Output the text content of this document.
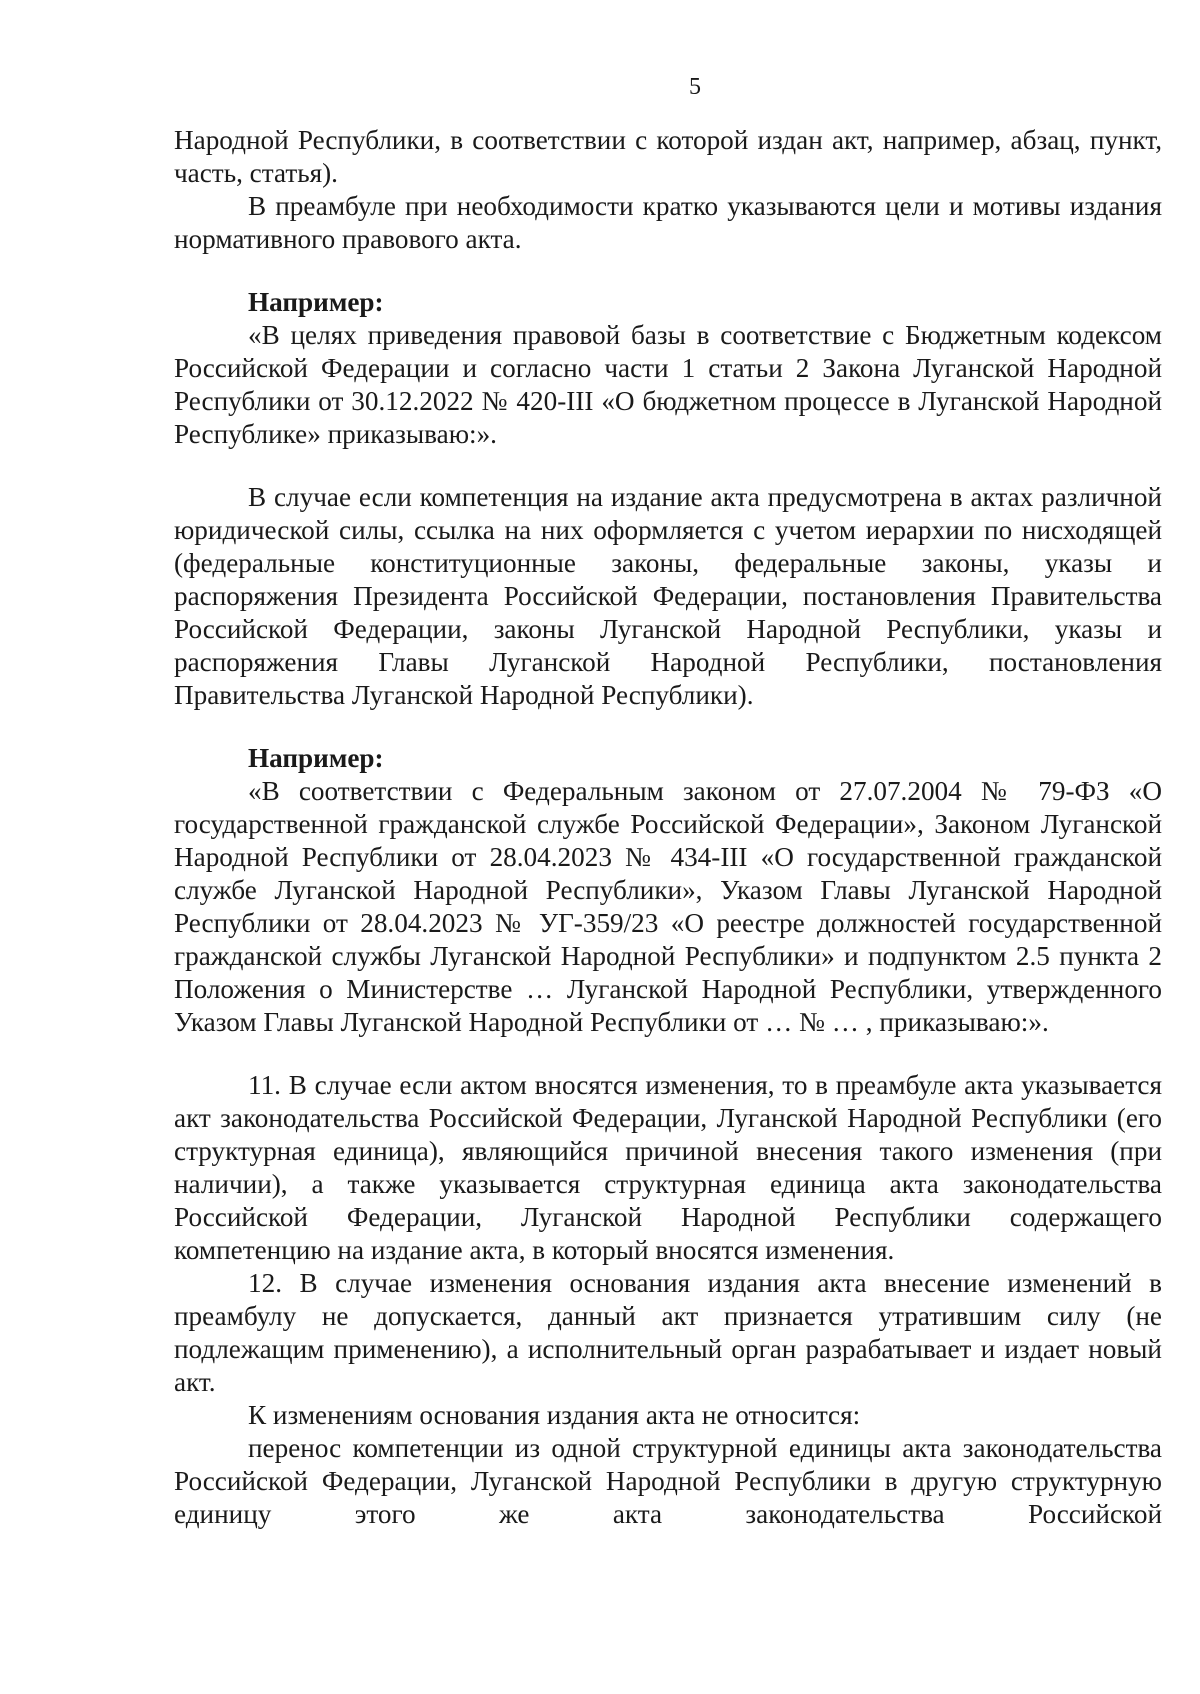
5

Народной Республики, в соответствии с которой издан акт, например, абзац, пункт, часть, статья).

В преамбуле при необходимости кратко указываются цели и мотивы издания нормативного правового акта.

Например:

«В целях приведения правовой базы в соответствие с Бюджетным кодексом Российской Федерации и согласно части 1 статьи 2 Закона Луганской Народной Республики от 30.12.2022 № 420-III «О бюджетном процессе в Луганской Народной Республике» приказываю:».

В случае если компетенция на издание акта предусмотрена в актах различной юридической силы, ссылка на них оформляется с учетом иерархии по нисходящей (федеральные конституционные законы, федеральные законы, указы и распоряжения Президента Российской Федерации, постановления Правительства Российской Федерации, законы Луганской Народной Республики, указы и распоряжения Главы Луганской Народной Республики, постановления Правительства Луганской Народной Республики).

Например:

«В соответствии с Федеральным законом от 27.07.2004 № 79-ФЗ «О государственной гражданской службе Российской Федерации», Законом Луганской Народной Республики от 28.04.2023 № 434-III «О государственной гражданской службе Луганской Народной Республики», Указом Главы Луганской Народной Республики от 28.04.2023 № УГ-359/23 «О реестре должностей государственной гражданской службы Луганской Народной Республики» и подпунктом 2.5 пункта 2 Положения о Министерстве … Луганской Народной Республики, утвержденного Указом Главы Луганской Народной Республики от … № … , приказываю:».

11. В случае если актом вносятся изменения, то в преамбуле акта указывается акт законодательства Российской Федерации, Луганской Народной Республики (его структурная единица), являющийся причиной внесения такого изменения (при наличии), а также указывается структурная единица акта законодательства Российской Федерации, Луганской Народной Республики содержащего компетенцию на издание акта, в который вносятся изменения.

12. В случае изменения основания издания акта внесение изменений в преамбулу не допускается, данный акт признается утратившим силу (не подлежащим применению), а исполнительный орган разрабатывает и издает новый акт.

К изменениям основания издания акта не относится:

перенос компетенции из одной структурной единицы акта законодательства Российской Федерации, Луганской Народной Республики в другую структурную единицу этого же акта законодательства Российской
